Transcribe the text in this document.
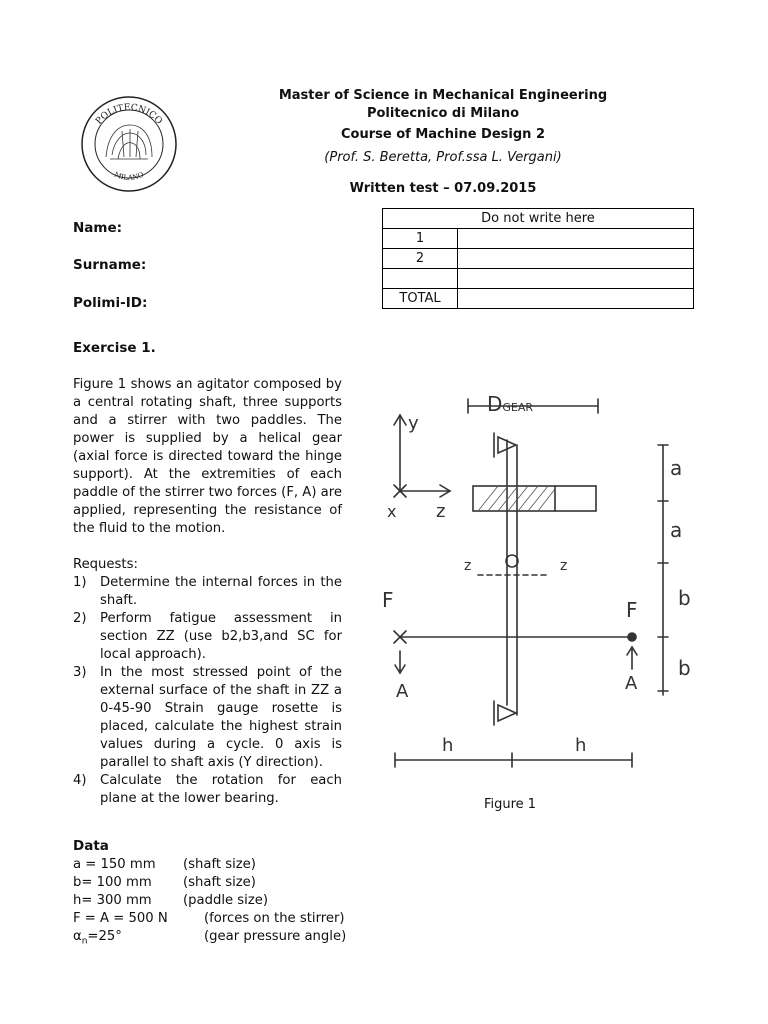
POLITECNICO
MILANO
Master of Science in Mechanical Engineering
Politecnico di Milano
Course of Machine Design 2
(Prof. S. Beretta, Prof.ssa L. Vergani)
Written test – 07.09.2015
Name:
Surname:
Polimi-ID:
Do not write here	
1	
2	

TOTAL	
Exercise 1.
Figure 1 shows an agitator composed by a central rotating shaft, three supports and a stirrer with two paddles. The power is supplied by a helical gear (axial force is directed toward the hinge support). At the extremities of each paddle of the stirrer two forces (F, A) are applied, representing the resistance of the fluid to the motion.
Requests:
1) Determine the internal forces in the shaft.
2) Perform fatigue assessment in section ZZ (use b2,b3,and SC for local approach).
3) In the most stressed point of the external surface of the shaft in ZZ a 0-45-90 Strain gauge rosette is placed, calculate the highest strain values during a cycle. 0 axis is parallel to shaft axis (Y direction).
4) Calculate the rotation for each plane at the lower bearing.
Data
a = 150 mm (shaft size)
b= 100 mm (shaft size)
h= 300 mm (paddle size)
F = A = 500 N	(forces on the stirrer)
$\alpha_n=25^\circ$	(gear pressure angle)
DGEAR
y
x z
z	z
F	F
A	A
a
a
b
b
h	h
Figure 1
